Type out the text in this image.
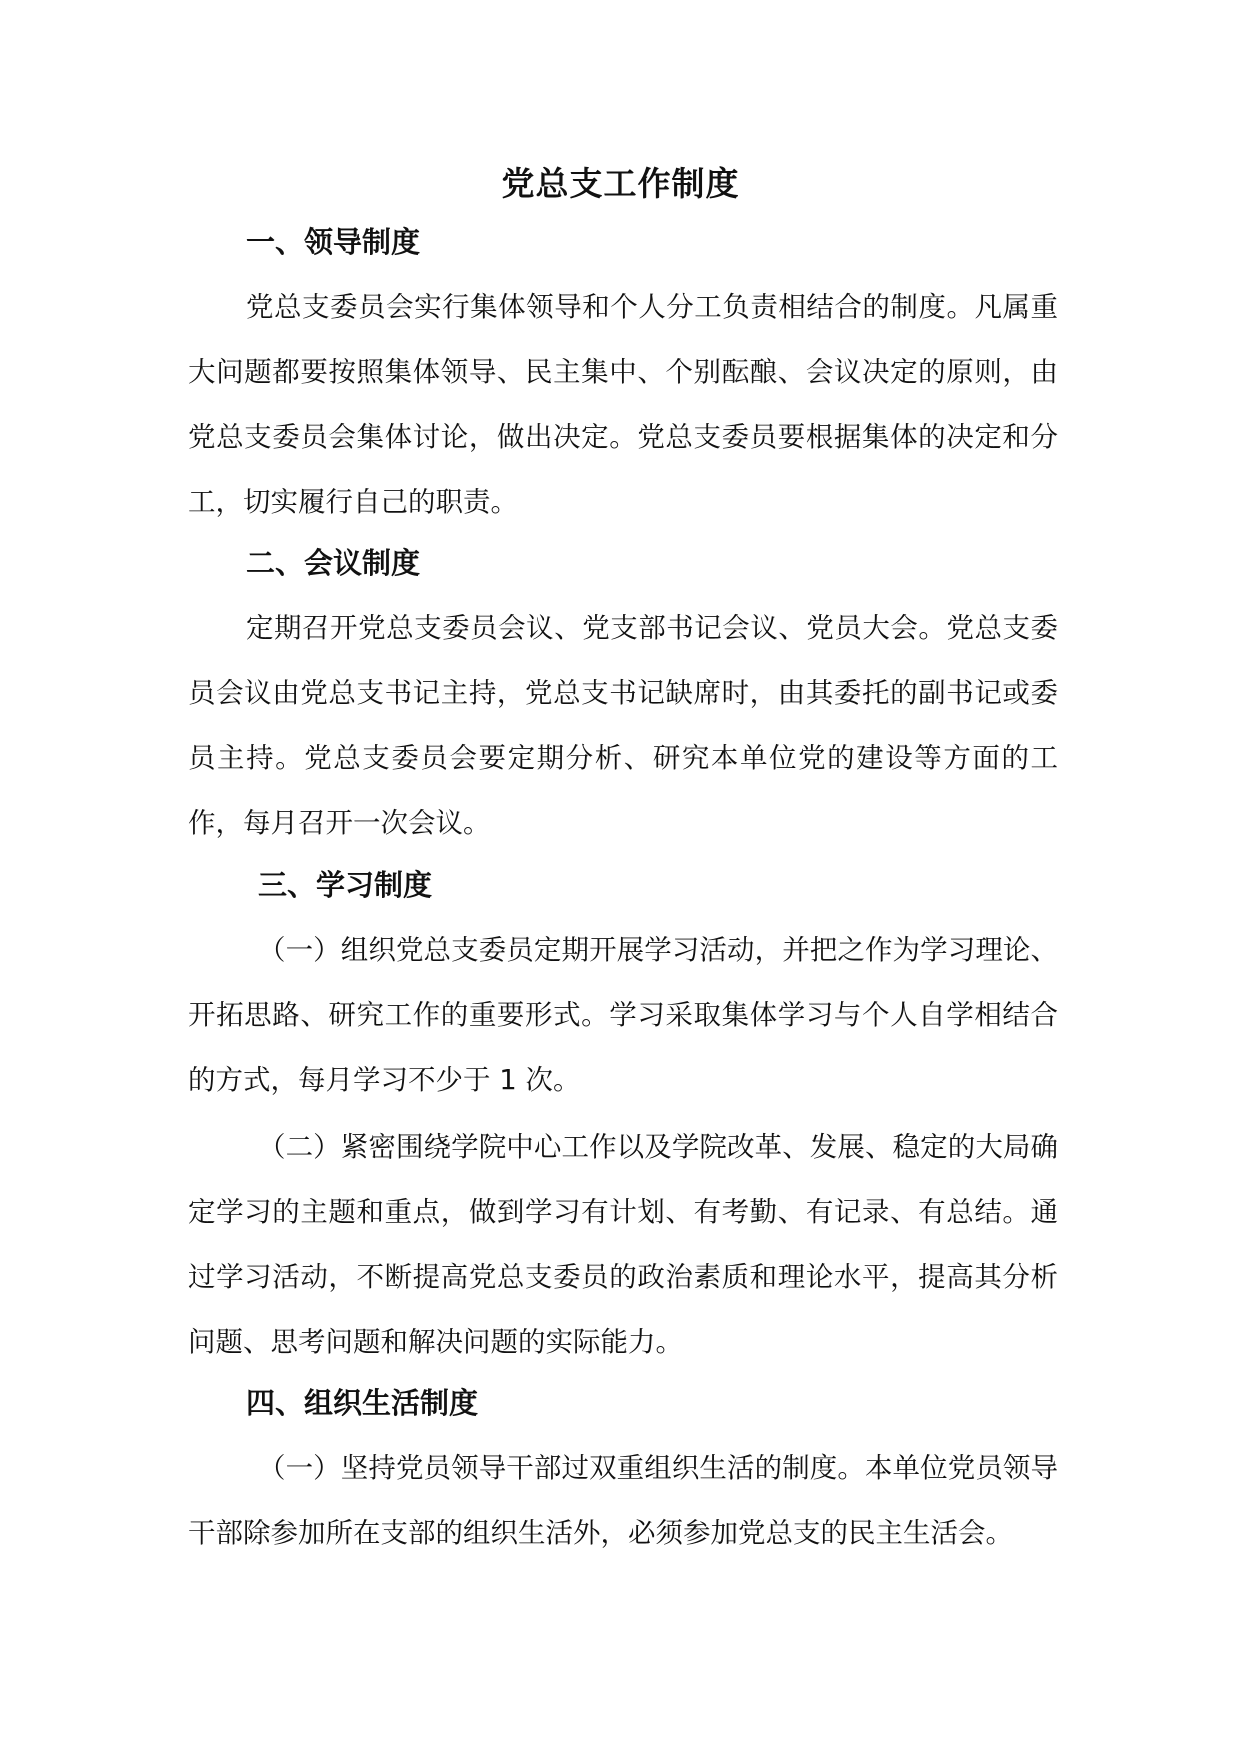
党总支工作制度
一、领导制度
党总支委员会实行集体领导和个人分工负责相结合的制度。凡属重大问题都要按照集体领导、民主集中、个别酝酿、会议决定的原则，由党总支委员会集体讨论，做出决定。党总支委员要根据集体的决定和分工，切实履行自己的职责。
二、会议制度
定期召开党总支委员会议、党支部书记会议、党员大会。党总支委员会议由党总支书记主持，党总支书记缺席时，由其委托的副书记或委员主持。党总支委员会要定期分析、研究本单位党的建设等方面的工作，每月召开一次会议。
三、学习制度
（一）组织党总支委员定期开展学习活动，并把之作为学习理论、开拓思路、研究工作的重要形式。学习采取集体学习与个人自学相结合的方式，每月学习不少于 1 次。
（二）紧密围绕学院中心工作以及学院改革、发展、稳定的大局确定学习的主题和重点，做到学习有计划、有考勤、有记录、有总结。通过学习活动，不断提高党总支委员的政治素质和理论水平，提高其分析问题、思考问题和解决问题的实际能力。
四、组织生活制度
（一）坚持党员领导干部过双重组织生活的制度。本单位党员领导干部除参加所在支部的组织生活外，必须参加党总支的民主生活会。
